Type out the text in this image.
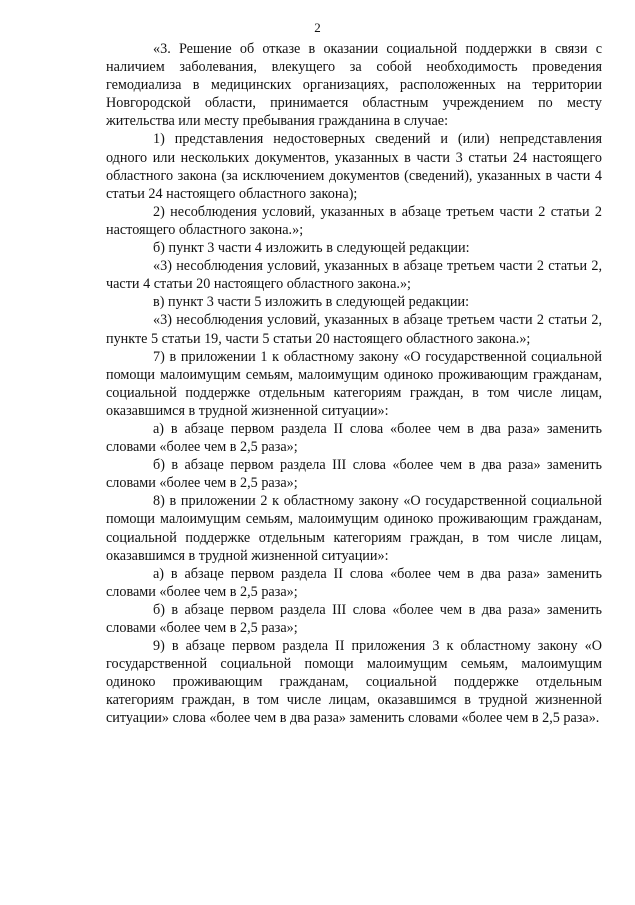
2

«3. Решение об отказе в оказании социальной поддержки в связи с наличием заболевания, влекущего за собой необходимость проведения гемодиализа в медицинских организациях, расположенных на территории Новгородской области, принимается областным учреждением по месту жительства или месту пребывания гражданина в случае:

1) представления недостоверных сведений и (или) непредставления одного или нескольких документов, указанных в части 3 статьи 24 настоящего областного закона (за исключением документов (сведений), указанных в части 4 статьи 24 настоящего областного закона);

2) несоблюдения условий, указанных в абзаце третьем части 2 статьи 2 настоящего областного закона.»;

б) пункт 3 части 4 изложить в следующей редакции:

«3) несоблюдения условий, указанных в абзаце третьем части 2 статьи 2, части 4 статьи 20 настоящего областного закона.»;

в) пункт 3 части 5 изложить в следующей редакции:

«3) несоблюдения условий, указанных в абзаце третьем части 2 статьи 2, пункте 5 статьи 19, части 5 статьи 20 настоящего областного закона.»;

7) в приложении 1 к областному закону «О государственной социальной помощи малоимущим семьям, малоимущим одиноко проживающим гражданам, социальной поддержке отдельным категориям граждан, в том числе лицам, оказавшимся в трудной жизненной ситуации»:

а) в абзаце первом раздела II слова «более чем в два раза» заменить словами «более чем в 2,5 раза»;

б) в абзаце первом раздела III слова «более чем в два раза» заменить словами «более чем в 2,5 раза»;

8) в приложении 2 к областному закону «О государственной социальной помощи малоимущим семьям, малоимущим одиноко проживающим гражданам, социальной поддержке отдельным категориям граждан, в том числе лицам, оказавшимся в трудной жизненной ситуации»:

а) в абзаце первом раздела II слова «более чем в два раза» заменить словами «более чем в 2,5 раза»;

б) в абзаце первом раздела III слова «более чем в два раза» заменить словами «более чем в 2,5 раза»;

9) в абзаце первом раздела II приложения 3 к областному закону «О государственной социальной помощи малоимущим семьям, малоимущим одиноко проживающим гражданам, социальной поддержке отдельным категориям граждан, в том числе лицам, оказавшимся в трудной жизненной ситуации» слова «более чем в два раза» заменить словами «более чем в 2,5 раза».
